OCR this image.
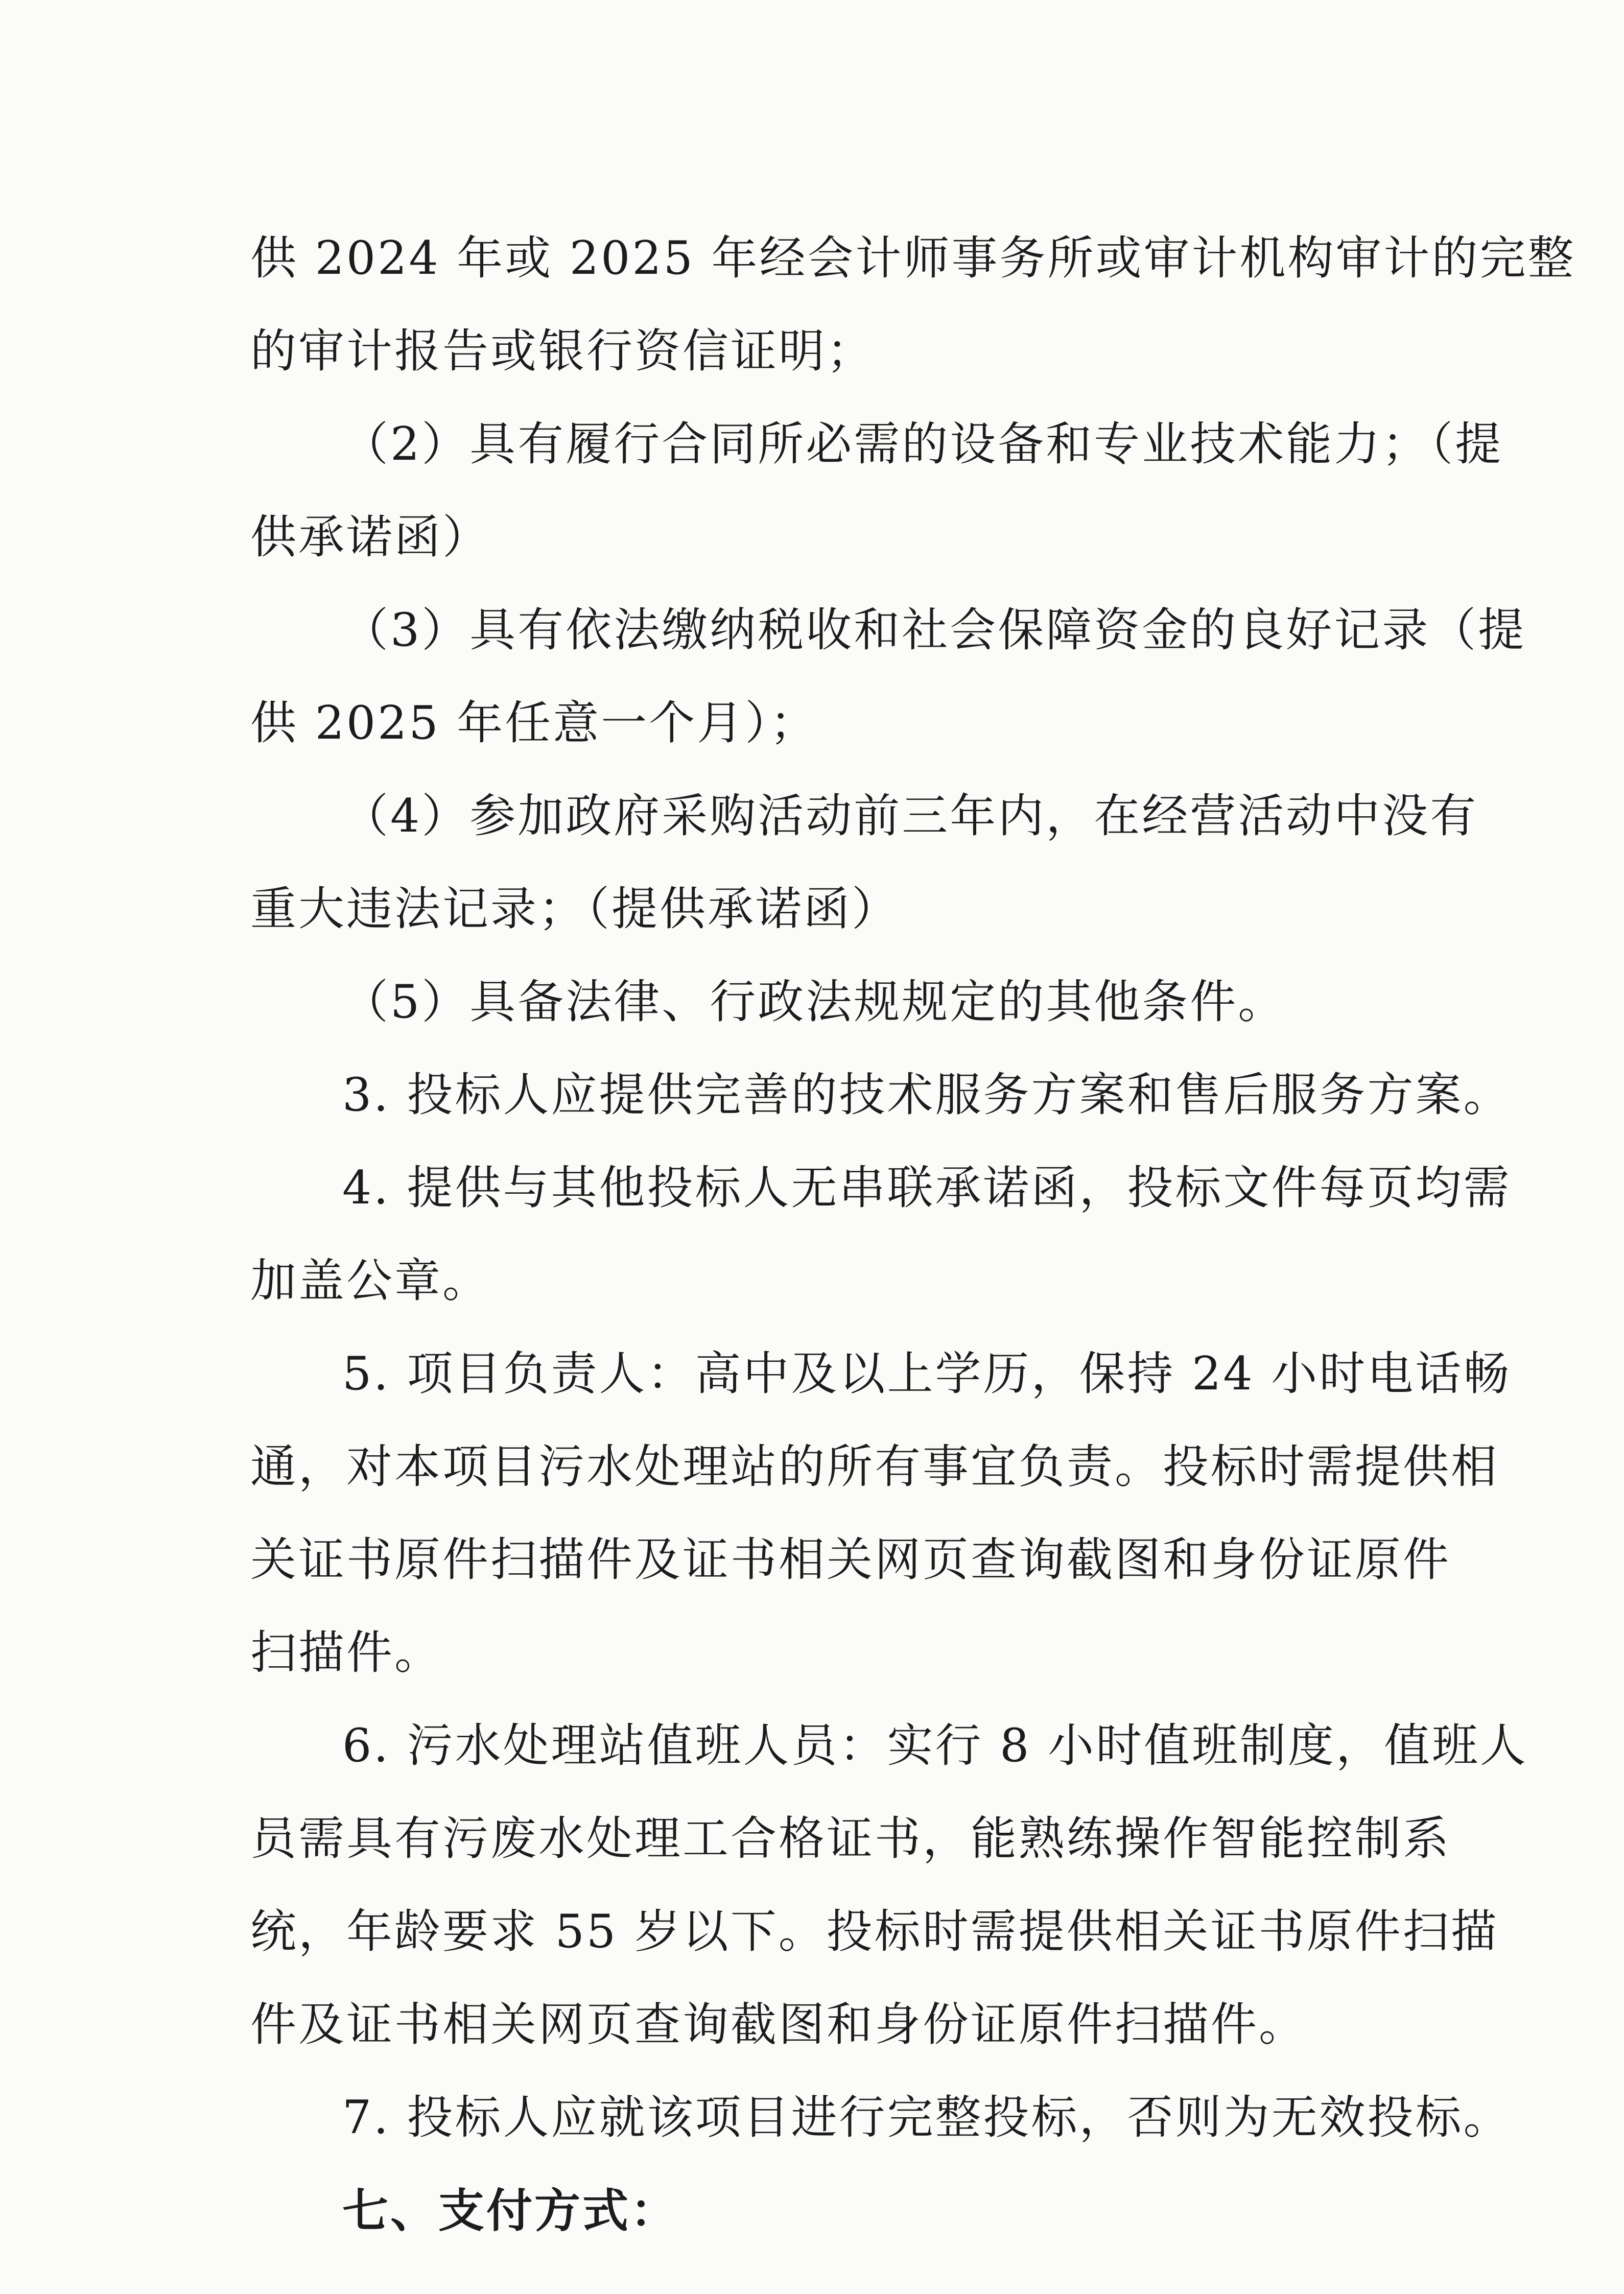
供 2024 年或 2025 年经会计师事务所或审计机构审计的完整
的审计报告或银行资信证明；
（2）具有履行合同所必需的设备和专业技术能力；（提
供承诺函）
（3）具有依法缴纳税收和社会保障资金的良好记录（提
供 2025 年任意一个月）；
（4）参加政府采购活动前三年内，在经营活动中没有
重大违法记录；（提供承诺函）
（5）具备法律、行政法规规定的其他条件。
3. 投标人应提供完善的技术服务方案和售后服务方案。
4. 提供与其他投标人无串联承诺函，投标文件每页均需
加盖公章。
5. 项目负责人：高中及以上学历，保持 24 小时电话畅
通，对本项目污水处理站的所有事宜负责。投标时需提供相
关证书原件扫描件及证书相关网页查询截图和身份证原件
扫描件。
6. 污水处理站值班人员：实行 8 小时值班制度，值班人
员需具有污废水处理工合格证书，能熟练操作智能控制系
统，年龄要求 55 岁以下。投标时需提供相关证书原件扫描
件及证书相关网页查询截图和身份证原件扫描件。
7. 投标人应就该项目进行完整投标，否则为无效投标。
七、支付方式：
